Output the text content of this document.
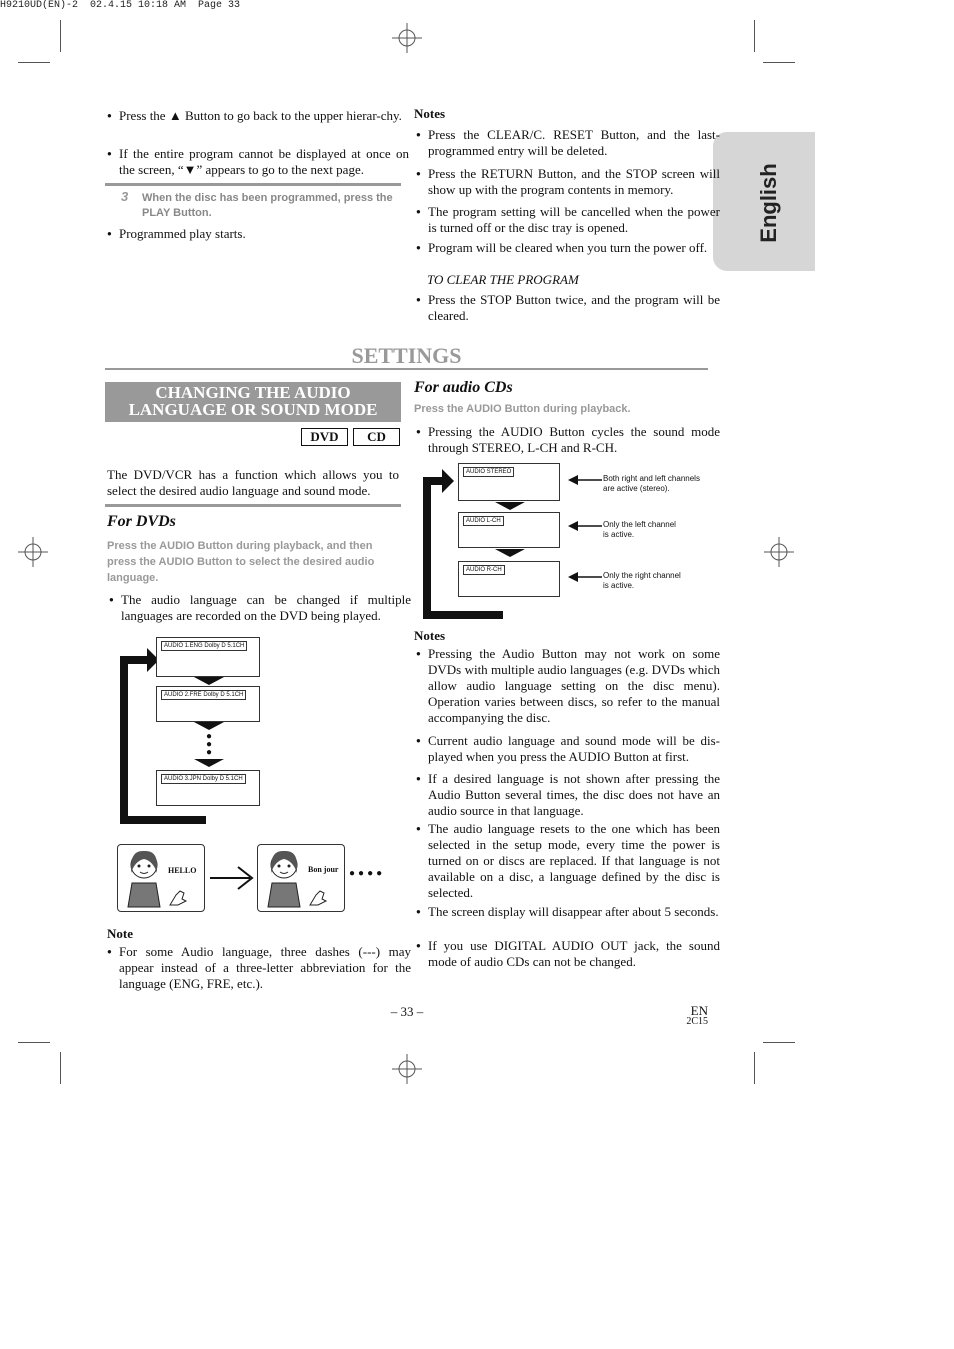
H9210UD(EN)-2  02.4.15 10:18 AM  Page 33
English
● Press the ▲ Button to go back to the upper hierar-chy.
● If the entire program cannot be displayed at once on the screen, “▼” appears to go to the next page.
3 When the disc has been programmed, press the PLAY Button.
● Programmed play starts.
Notes
● Press the CLEAR/C. RESET Button, and the last-programmed entry will be deleted.
● Press the RETURN Button, and the STOP screen will show up with the program contents in memory.
● The program setting will be cancelled when the power is turned off or the disc tray is opened.
● Program will be cleared when you turn the power off.
TO CLEAR THE PROGRAM
● Press the STOP Button twice, and the program will be cleared.
SETTINGS
CHANGING THE AUDIO
LANGUAGE OR SOUND MODE
DVD	CD
The DVD/VCR has a function which allows you to select the desired audio language and sound mode.
For DVDs
Press the AUDIO Button during playback, and then press the AUDIO Button to select the desired audio language.
● The audio language can be changed if multiple languages are recorded on the DVD being played.
AUDIO 1.ENG Dolby D 5.1CH
AUDIO 2.FRE Dolby D 5.1CH
●
●
●
AUDIO 3.JPN Dolby D 5.1CH
HELLO	Bon jour ●●●●
Note
● For some Audio language, three dashes (---) may appear instead of a three-letter abbreviation for the language (ENG, FRE, etc.).
For audio CDs
Press the AUDIO Button during playback.
● Pressing the AUDIO Button cycles the sound mode through STEREO, L-CH and R-CH.
AUDIO STEREO
AUDIO L-CH
AUDIO R-CH
Both right and left channels are active (stereo).
Only the left channel is active.
Only the right channel is active.
Notes
● Pressing the Audio Button may not work on some DVDs with multiple audio languages (e.g. DVDs which allow audio language setting on the disc menu). Operation varies between discs, so refer to the manual accompanying the disc.
● Current audio language and sound mode will be dis-played when you press the AUDIO Button at first.
● If a desired language is not shown after pressing the Audio Button several times, the disc does not have an audio source in that language.
● The audio language resets to the one which has been selected in the setup mode, every time the power is turned on or discs are replaced. If that language is not available on a disc, a language defined by the disc is selected.
● The screen display will disappear after about 5 seconds.
● If you use DIGITAL AUDIO OUT jack, the sound mode of audio CDs can not be changed.
– 33 –	EN
2C15
